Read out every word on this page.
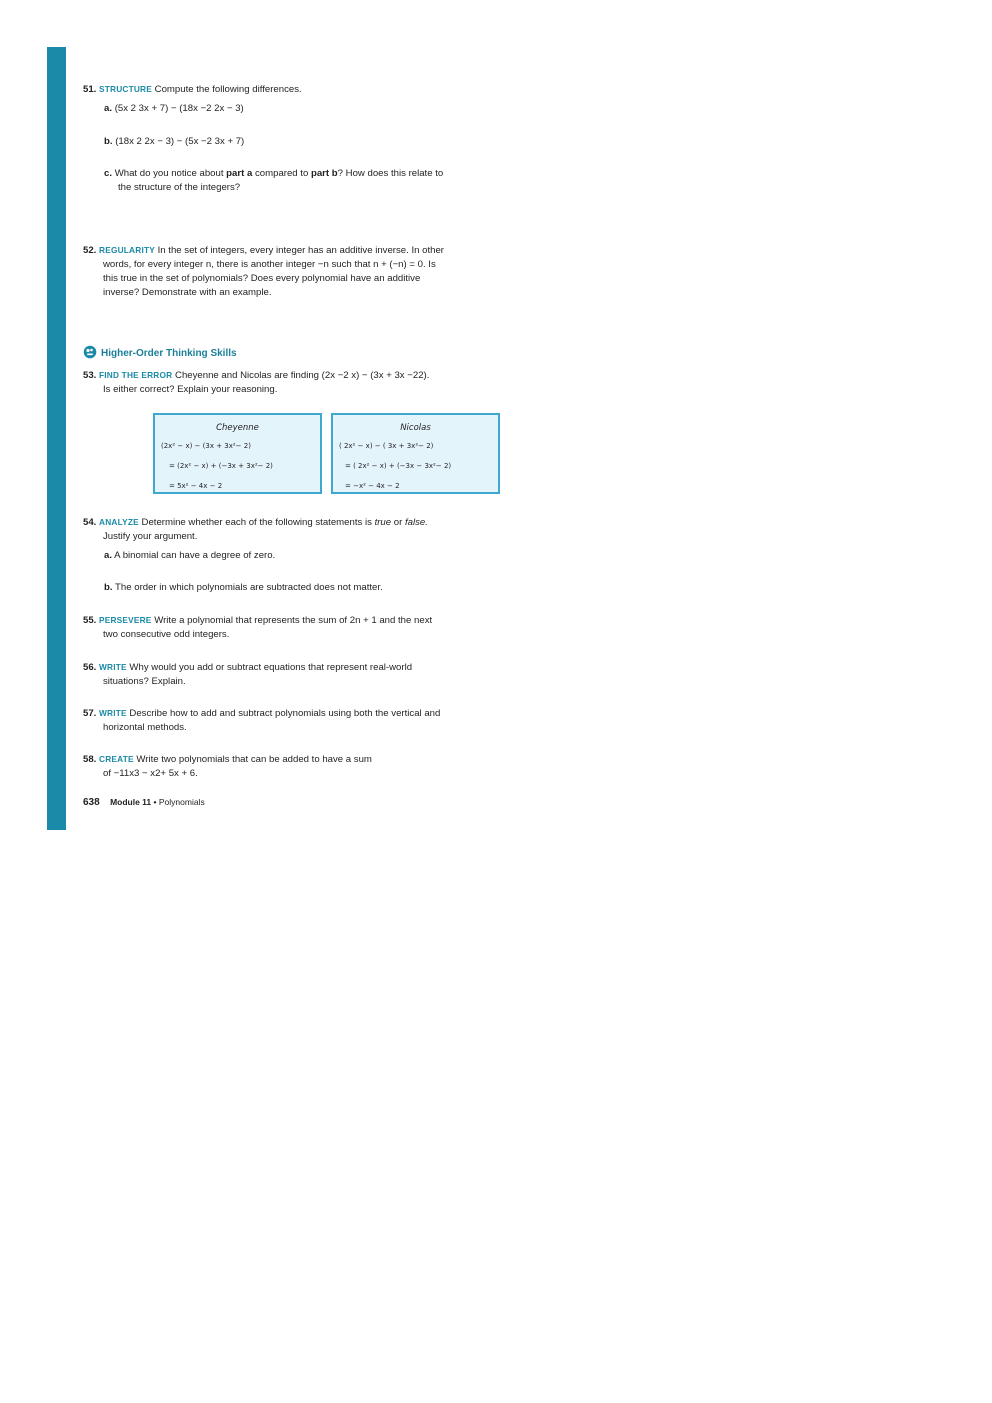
51. STRUCTURE Compute the following differences.
a. (5x 2 3x + 7) − (18x −2 2x − 3)
b. (18x 2 2x − 3) − (5x −2 3x + 7)
c. What do you notice about part a compared to part b? How does this relate to
the structure of the integers?
52. REGULARITY In the set of integers, every integer has an additive inverse. In other
words, for every integer n, there is another integer −n such that n + (−n) = 0. Is
this true in the set of polynomials? Does every polynomial have an additive
inverse? Demonstrate with an example.
Higher-Order Thinking Skills
53. FIND THE ERROR Cheyenne and Nicolas are finding (2x −2 x) − (3x + 3x −22).
Is either correct? Explain your reasoning.
Cheyenne
(2x² − x) − (3x + 3x²− 2)
= (2x² − x) + (−3x + 3x²− 2)
= 5x² − 4x − 2
Nicolas
( 2x² − x) − ( 3x + 3x²− 2)
= ( 2x² − x) + (−3x − 3x²− 2)
= −x² − 4x − 2
54. ANALYZE Determine whether each of the following statements is true or false.
Justify your argument.
a. A binomial can have a degree of zero.
b. The order in which polynomials are subtracted does not matter.
55. PERSEVERE Write a polynomial that represents the sum of 2n + 1 and the next
two consecutive odd integers.
56. WRITE Why would you add or subtract equations that represent real-world
situations? Explain.
57. WRITE Describe how to add and subtract polynomials using both the vertical and
horizontal methods.
58. CREATE Write two polynomials that can be added to have a sum
of −11x3 − x2+ 5x + 6.
638 Module 11 • Polynomials
